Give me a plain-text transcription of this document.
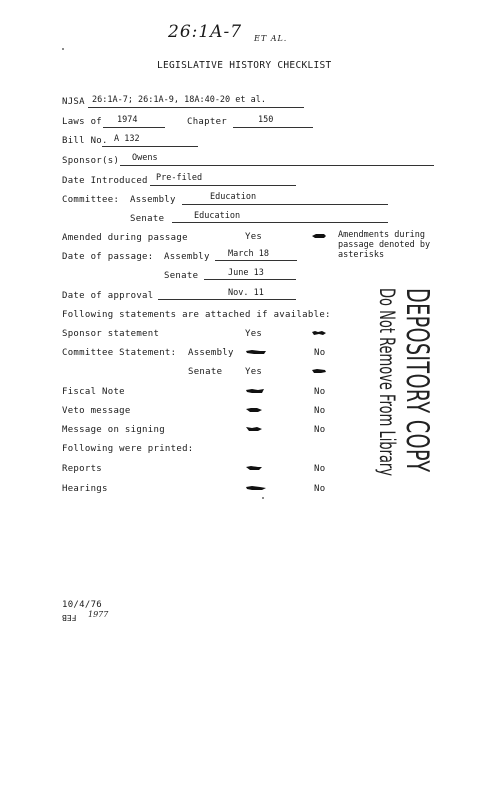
26:1A-7 ET AL.
LEGISLATIVE HISTORY CHECKLIST
NJSA 26:1A-7; 26:1A-9, 18A:40-20 et al.
Laws of 1974	Chapter	150
Bill No. A 132
Sponsor(s) Owens
Date Introduced Pre-filed
Committee: Assembly	Education
Senate	Education
Amended during passage	Yes	Amendments during passage denoted by asterisks
Date of passage: Assembly March 18
Senate	June 13
Date of approval	Nov. 11
Following statements are attached if available:
Sponsor statement	Yes
Committee Statement: Assembly	No
Senate	Yes
Fiscal Note	No
Veto message	No
Message on signing	No
Following were printed:
Reports	No
Hearings	No
DEPOSITORY COPY
Do Not Remove From Library
10/4/76
FEB 1977
